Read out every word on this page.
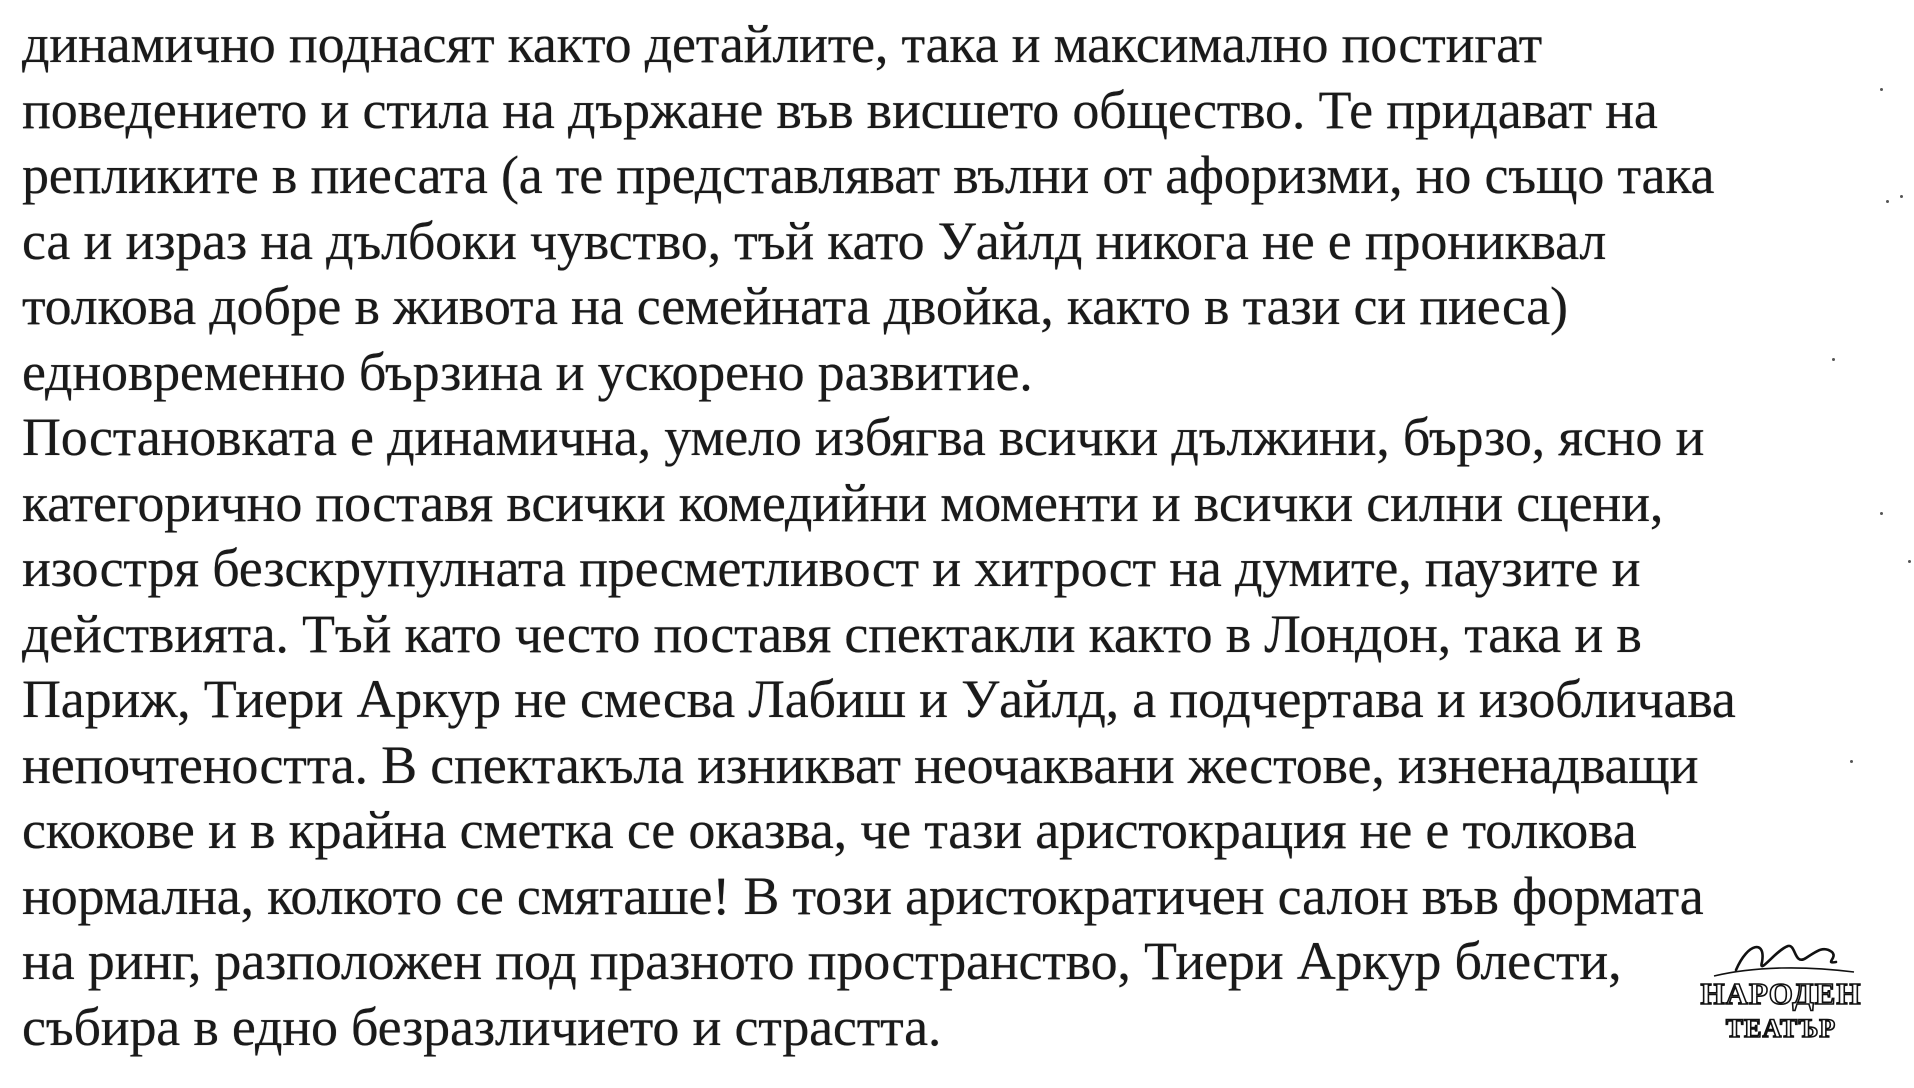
динамично поднасят както детайлите, така и максимално постигат
поведението и стила на държане във висшето общество. Те придават на
репликите в пиесата (а те представляват вълни от афоризми, но също така
са и израз на дълбоки чувство, тъй като Уайлд никога не е прониквал
толкова добре в живота на семейната двойка, както в тази си пиеса)
едновременно бързина и ускорено развитие.
Постановката е динамична, умело избягва всички дължини, бързо, ясно и
категорично поставя всички комедийни моменти и всички силни сцени,
изостря безскрупулната пресметливост и хитрост на думите, паузите и
действията. Тъй като често поставя спектакли както в Лондон, така и в
Париж, Тиери Аркур не смесва Лабиш и Уайлд, а подчертава и изобличава
непочтеността. В спектакъла изникват неочаквани жестове, изненадващи
скокове и в крайна сметка се оказва, че тази аристокрация не е толкова
нормална, колкото се смяташе! В този аристократичен салон във формата
на ринг, разположен под празното пространство, Тиери Аркур блести,
събира в едно безразличието и страстта.
НАРОДЕН
ТЕАТЪР
